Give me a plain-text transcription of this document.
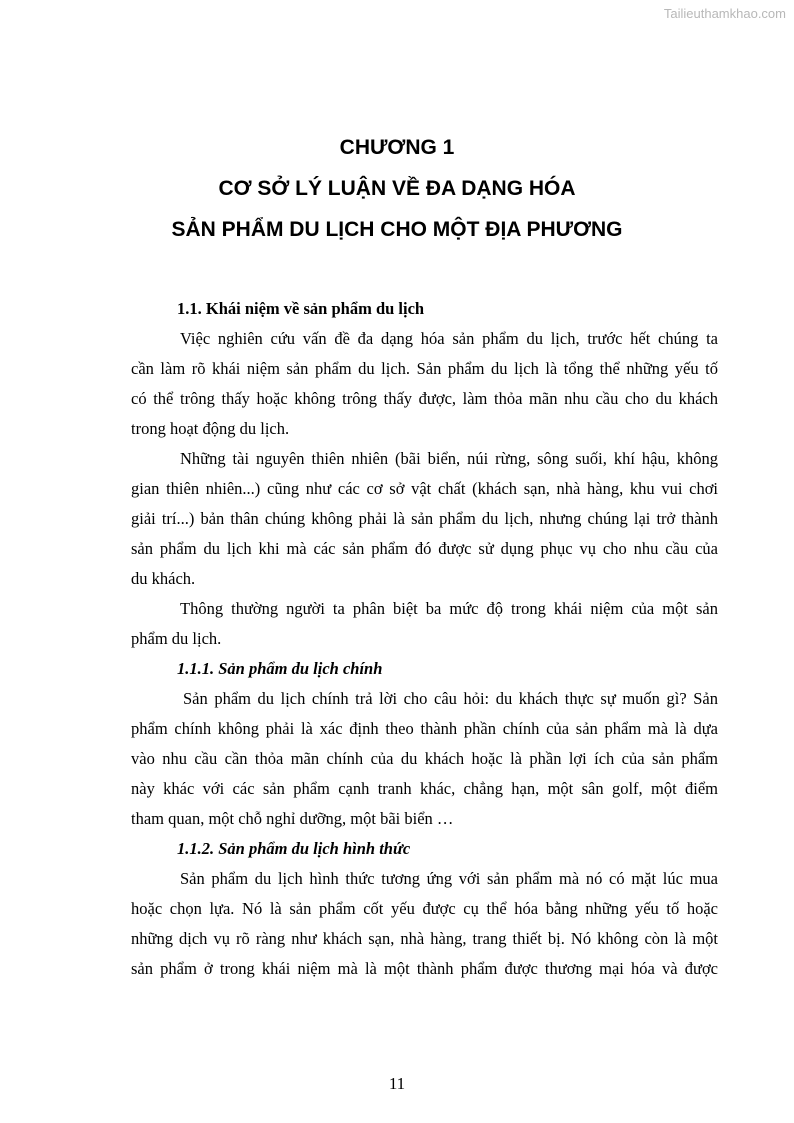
Tailieuthamkhao.com
CHƯƠNG 1
CƠ SỞ LÝ LUẬN VỀ ĐA DẠNG HÓA
SẢN PHẨM DU LỊCH CHO MỘT ĐỊA PHƯƠNG
1.1. Khái niệm về sản phẩm du lịch
Việc nghiên cứu vấn đề đa dạng hóa sản phẩm du lịch, trước hết chúng ta
cần làm rõ khái niệm sản phẩm du lịch. Sản phẩm du lịch là tổng thể những yếu tố
có thể trông thấy hoặc không trông thấy được, làm thỏa mãn nhu cầu cho du khách
trong hoạt động du lịch.
Những tài nguyên thiên nhiên (bãi biển, núi rừng, sông suối, khí hậu, không
gian thiên nhiên...) cũng như các cơ sở vật chất (khách sạn, nhà hàng, khu vui chơi
giải trí...) bản thân chúng không phải là sản phẩm du lịch, nhưng chúng lại trở thành
sản phẩm du lịch khi mà các sản phẩm đó được sử dụng phục vụ cho nhu cầu của
du khách.
Thông thường người ta phân biệt ba mức độ trong khái niệm của một sản
phẩm du lịch.
1.1.1. Sản phẩm du lịch chính
Sản phẩm du lịch chính trả lời cho câu hỏi: du khách thực sự muốn gì? Sản
phẩm chính không phải là xác định theo thành phần chính của sản phẩm mà là dựa
vào nhu cầu cần thỏa mãn chính của du khách hoặc là phần lợi ích của sản phẩm
này khác với các sản phẩm cạnh tranh khác, chẳng hạn, một sân golf, một điểm
tham quan, một chỗ nghỉ dưỡng, một bãi biển …
1.1.2. Sản phẩm du lịch hình thức
Sản phẩm du lịch hình thức tương ứng với sản phẩm mà nó có mặt lúc mua
hoặc chọn lựa. Nó là sản phẩm cốt yếu được cụ thể hóa bằng những yếu tố hoặc
những dịch vụ rõ ràng như khách sạn, nhà hàng, trang thiết bị. Nó không còn là một
sản phẩm ở trong khái niệm mà là một thành phẩm được thương mại hóa và được
11
